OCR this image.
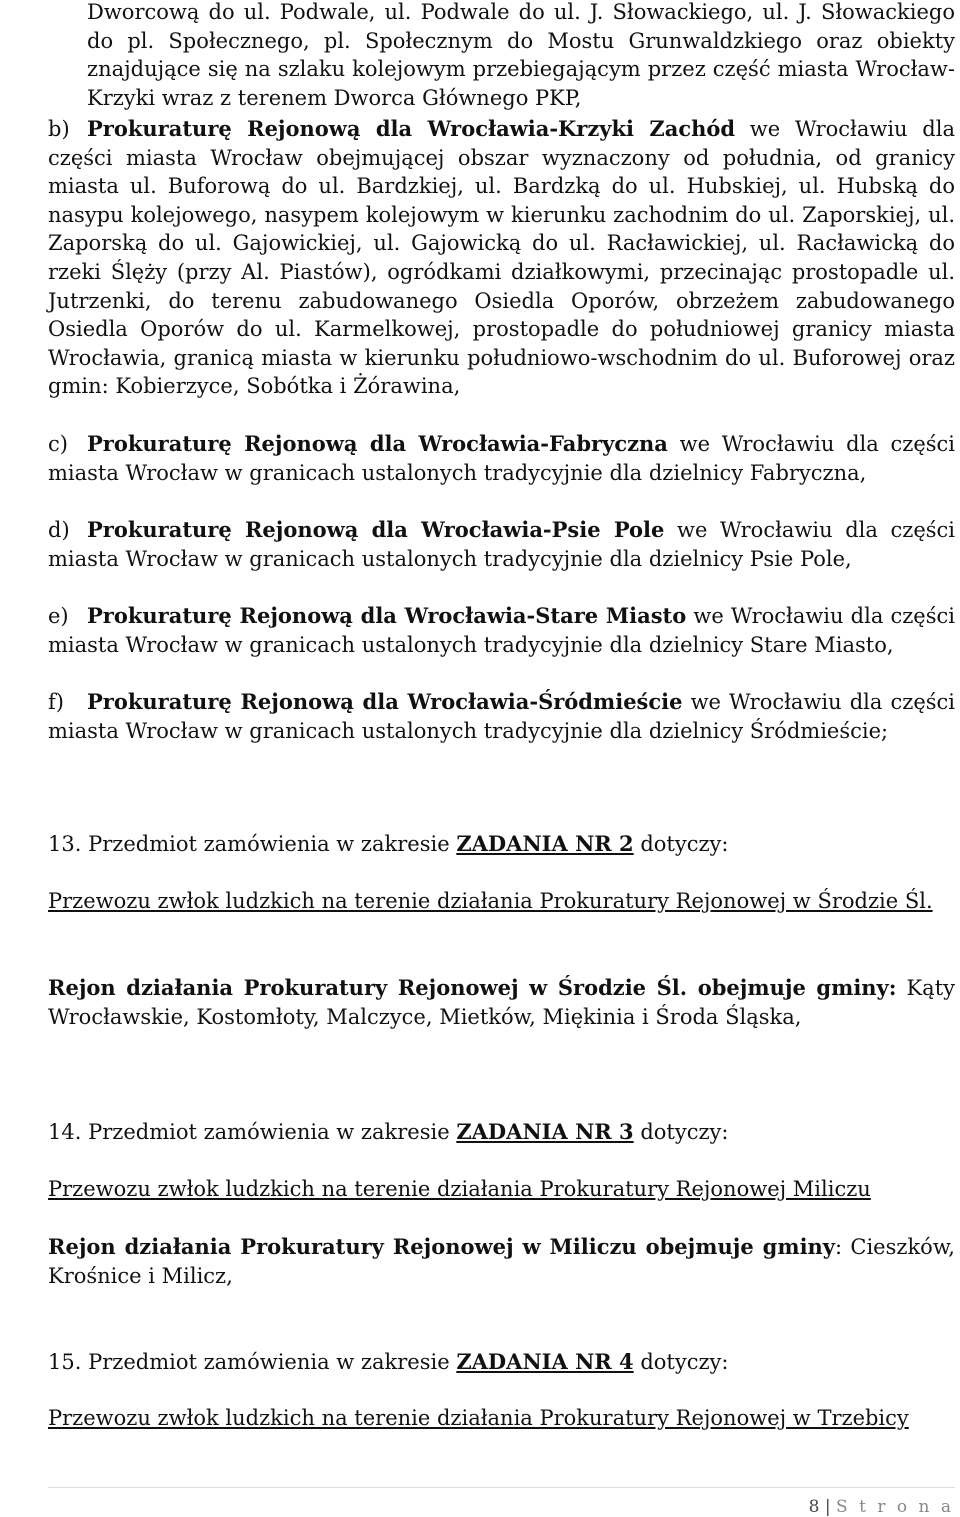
Dworcową do ul. Podwale, ul. Podwale do ul. J. Słowackiego, ul. J. Słowackiego do pl. Społecznego, pl. Społecznym do Mostu Grunwaldzkiego oraz obiekty znajdujące się na szlaku kolejowym przebiegającym przez część miasta Wrocław-Krzyki wraz z terenem Dworca Głównego PKP,

b) Prokuraturę Rejonową dla Wrocławia-Krzyki Zachód we Wrocławiu dla części miasta Wrocław obejmującej obszar wyznaczony od południa, od granicy miasta ul. Buforową do ul. Bardzkiej, ul. Bardzką do ul. Hubskiej, ul. Hubską do nasypu kolejowego, nasypem kolejowym w kierunku zachodnim do ul. Zaporskiej, ul. Zaporską do ul. Gajowickiej, ul. Gajowicką do ul. Racławickiej, ul. Racławicką do rzeki Ślęży (przy Al. Piastów), ogródkami działkowymi, przecinając prostopadle ul. Jutrzenki, do terenu zabudowanego Osiedla Oporów, obrzeżem zabudowanego Osiedla Oporów do ul. Karmelkowej, prostopadle do południowej granicy miasta Wrocławia, granicą miasta w kierunku południowo-wschodnim do ul. Buforowej oraz gmin: Kobierzyce, Sobótka i Żórawina,
c) Prokuraturę Rejonową dla Wrocławia-Fabryczna we Wrocławiu dla części miasta Wrocław w granicach ustalonych tradycyjnie dla dzielnicy Fabryczna,
d) Prokuraturę Rejonową dla Wrocławia-Psie Pole we Wrocławiu dla części miasta Wrocław w granicach ustalonych tradycyjnie dla dzielnicy Psie Pole,
e) Prokuraturę Rejonową dla Wrocławia-Stare Miasto we Wrocławiu dla części miasta Wrocław w granicach ustalonych tradycyjnie dla dzielnicy Stare Miasto,
f) Prokuraturę Rejonową dla Wrocławia-Śródmieście we Wrocławiu dla części miasta Wrocław w granicach ustalonych tradycyjnie dla dzielnicy Śródmieście;
13. Przedmiot zamówienia w zakresie ZADANIA NR 2 dotyczy:
Przewozu zwłok ludzkich na terenie działania Prokuratury Rejonowej w Środzie Śl.
Rejon działania Prokuratury Rejonowej w Środzie Śl. obejmuje gminy: Kąty Wrocławskie, Kostomłoty, Malczyce, Mietków, Miękinia i Środa Śląska,
14. Przedmiot zamówienia w zakresie ZADANIA NR 3 dotyczy:
Przewozu zwłok ludzkich na terenie działania Prokuratury Rejonowej Miliczu
Rejon działania Prokuratury Rejonowej w Miliczu obejmuje gminy: Cieszków, Krośnice i Milicz,
15. Przedmiot zamówienia w zakresie ZADANIA NR 4 dotyczy:
Przewozu zwłok ludzkich na terenie działania Prokuratury Rejonowej w Trzebicy
8 | S t r o n a
